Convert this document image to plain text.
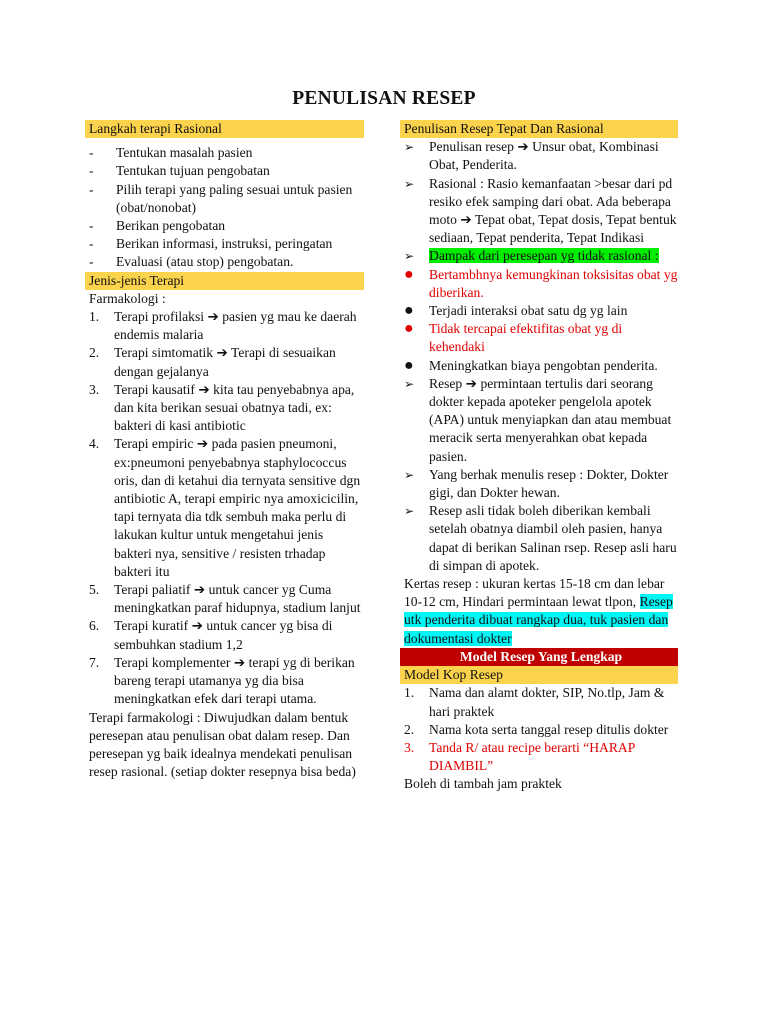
PENULISAN RESEP
Langkah terapi Rasional
-	Tentukan masalah pasien
-	Tentukan tujuan pengobatan
-	Pilih terapi yang paling sesuai untuk pasien (obat/nonobat)
-	Berikan pengobatan
-	Berikan informasi, instruksi, peringatan
-	Evaluasi (atau stop) pengobatan.
Jenis-jenis Terapi
Farmakologi :
1.	Terapi profilaksi ➔ pasien yg mau ke daerah endemis malaria
2.	Terapi simtomatik ➔ Terapi di sesuaikan dengan gejalanya
3.	Terapi kausatif ➔ kita tau penyebabnya apa, dan kita berikan sesuai obatnya tadi, ex: bakteri di kasi antibiotic
4.	Terapi empiric ➔ pada pasien pneumoni, ex:pneumoni penyebabnya staphylococcus oris, dan di ketahui dia ternyata sensitive dgn antibiotic A, terapi empiric nya amoxicicilin, tapi ternyata dia tdk sembuh maka perlu di lakukan kultur untuk mengetahui jenis bakteri nya, sensitive / resisten trhadap bakteri itu
5.	Terapi paliatif ➔ untuk cancer yg Cuma meningkatkan paraf hidupnya, stadium lanjut
6.	Terapi kuratif ➔ untuk cancer yg bisa di sembuhkan stadium 1,2
7.	Terapi komplementer ➔ terapi yg di berikan bareng terapi utamanya yg dia bisa meningkatkan efek dari terapi utama.
Terapi farmakologi : Diwujudkan dalam bentuk peresepan atau penulisan obat dalam resep. Dan peresepan yg baik idealnya mendekati penulisan resep rasional. (setiap dokter resepnya bisa beda)
Penulisan Resep Tepat Dan Rasional
➢	Penulisan resep ➔ Unsur obat, Kombinasi Obat, Penderita.
➢	Rasional : Rasio kemanfaatan >besar dari pd resiko efek samping dari obat. Ada beberapa moto ➔ Tepat obat, Tepat dosis, Tepat bentuk sediaan, Tepat penderita, Tepat Indikasi
➢	Dampak dari peresepan yg tidak rasional :
●	Bertambhnya kemungkinan toksisitas obat yg diberikan.
●	Terjadi interaksi obat satu dg yg lain
●	Tidak tercapai efektifitas obat yg di kehendaki
●	Meningkatkan biaya pengobtan penderita.
➢	Resep ➔ permintaan tertulis dari seorang dokter kepada apoteker pengelola apotek (APA) untuk menyiapkan dan atau membuat meracik serta menyerahkan obat kepada pasien.
➢	Yang berhak menulis resep : Dokter, Dokter gigi, dan Dokter hewan.
➢	Resep asli tidak boleh diberikan kembali setelah obatnya diambil oleh pasien, hanya dapat di berikan Salinan rsep. Resep asli haru di simpan di apotek.
Kertas resep : ukuran kertas 15-18 cm dan lebar 10-12 cm, Hindari permintaan lewat tlpon, Resep utk penderita dibuat rangkap dua, tuk pasien dan dokumentasi dokter
Model Resep Yang Lengkap
Model Kop Resep
1.	Nama dan alamt dokter, SIP, No.tlp, Jam & hari praktek
2.	Nama kota serta tanggal resep ditulis dokter
3.	Tanda R/ atau recipe berarti “HARAP DIAMBIL”
Boleh di tambah jam praktek
